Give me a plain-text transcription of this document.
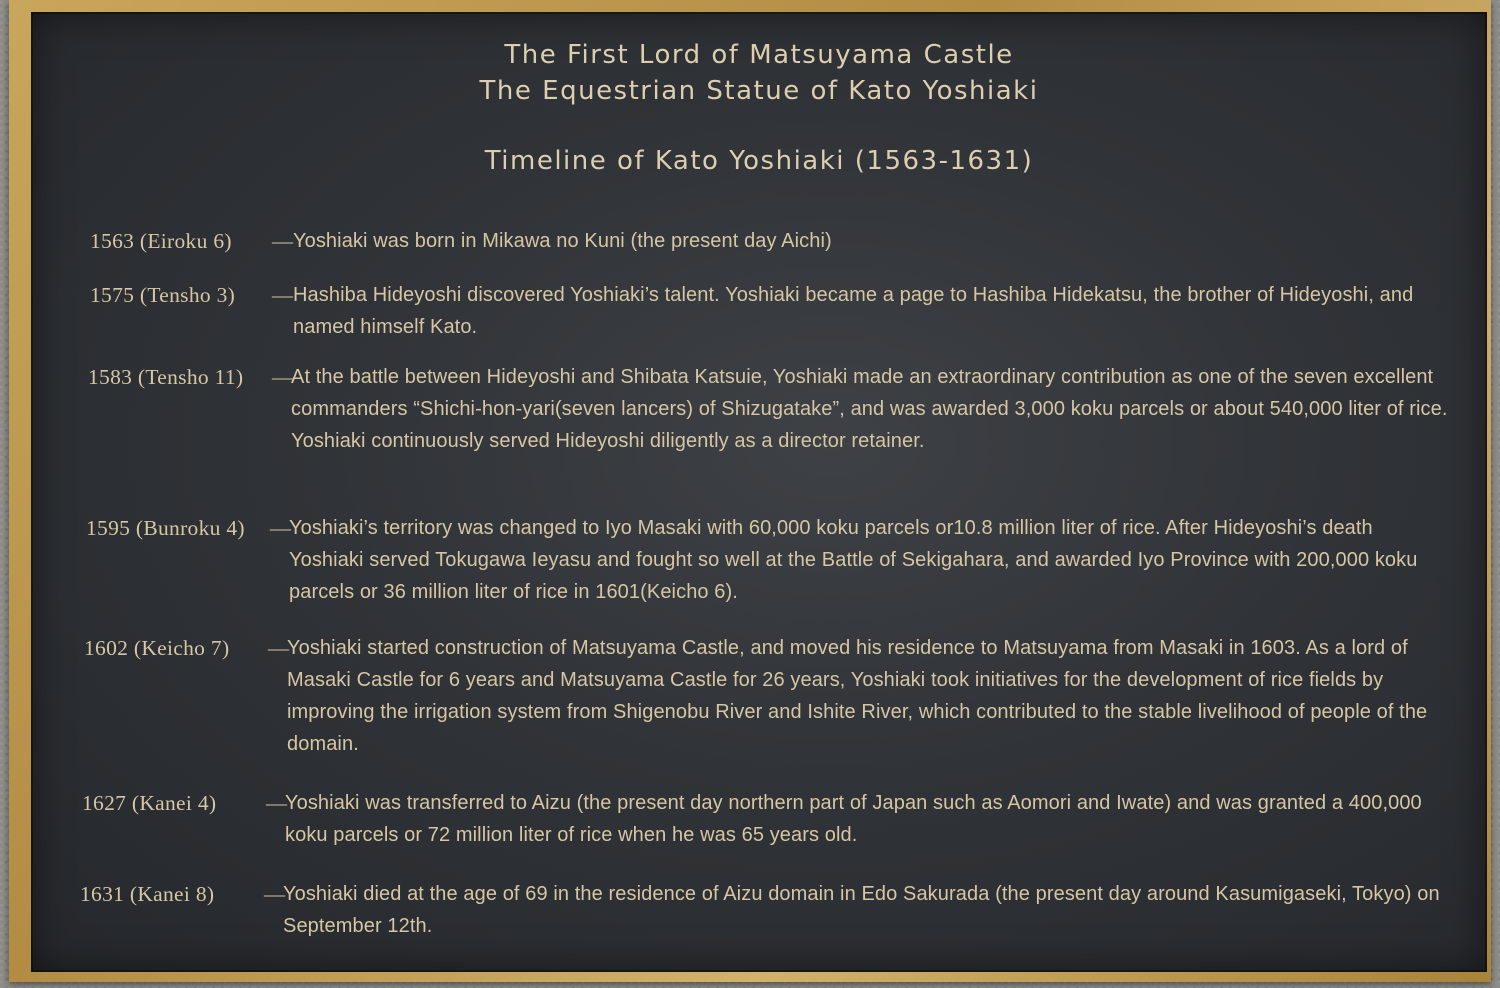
The First Lord of Matsuyama Castle
The Equestrian Statue of Kato Yoshiaki
Timeline of Kato Yoshiaki (1563-1631)
1563 (Eiroku 6) — Yoshiaki was born in Mikawa no Kuni (the present day Aichi)

1575 (Tensho 3) — Hashiba Hideyoshi discovered Yoshiaki’s talent. Yoshiaki became a page to Hashiba Hidekatsu, the brother of Hideyoshi, and named himself Kato.

1583 (Tensho 11) —

At the battle between Hideyoshi and Shibata Katsuie, Yoshiaki made an extraordinary contribution as one of the seven excellent commanders “Shichi-hon-yari(seven lancers) of Shizugatake”, and was awarded 3,000 koku parcels or about 540,000 liter of rice.

Yoshiaki continuously served Hideyoshi diligently as a director retainer.

1595 (Bunroku 4) —

Yoshiaki’s territory was changed to Iyo Masaki with 60,000 koku parcels or10.8 million liter of rice. After Hideyoshi’s death Yoshiaki served Tokugawa Ieyasu and fought so well at the Battle of Sekigahara, and awarded Iyo Province with 200,000 koku parcels or 36 million liter of rice in 1601(Keicho 6).

1602 (Keicho 7) —

Yoshiaki started construction of Matsuyama Castle, and moved his residence to Matsuyama from Masaki in 1603. As a lord of Masaki Castle for 6 years and Matsuyama Castle for 26 years, Yoshiaki took initiatives for the development of rice fields by improving the irrigation system from Shigenobu River and Ishite River, which contributed to the stable livelihood of people of the domain.

1627 (Kanei 4) —

Yoshiaki was transferred to Aizu (the present day northern part of Japan such as Aomori and Iwate) and was granted a 400,000 koku parcels or 72 million liter of rice when he was 65 years old.

1631 (Kanei 8) —

Yoshiaki died at the age of 69 in the residence of Aizu domain in Edo Sakurada (the present day around Kasumigaseki, Tokyo) on September 12th.
